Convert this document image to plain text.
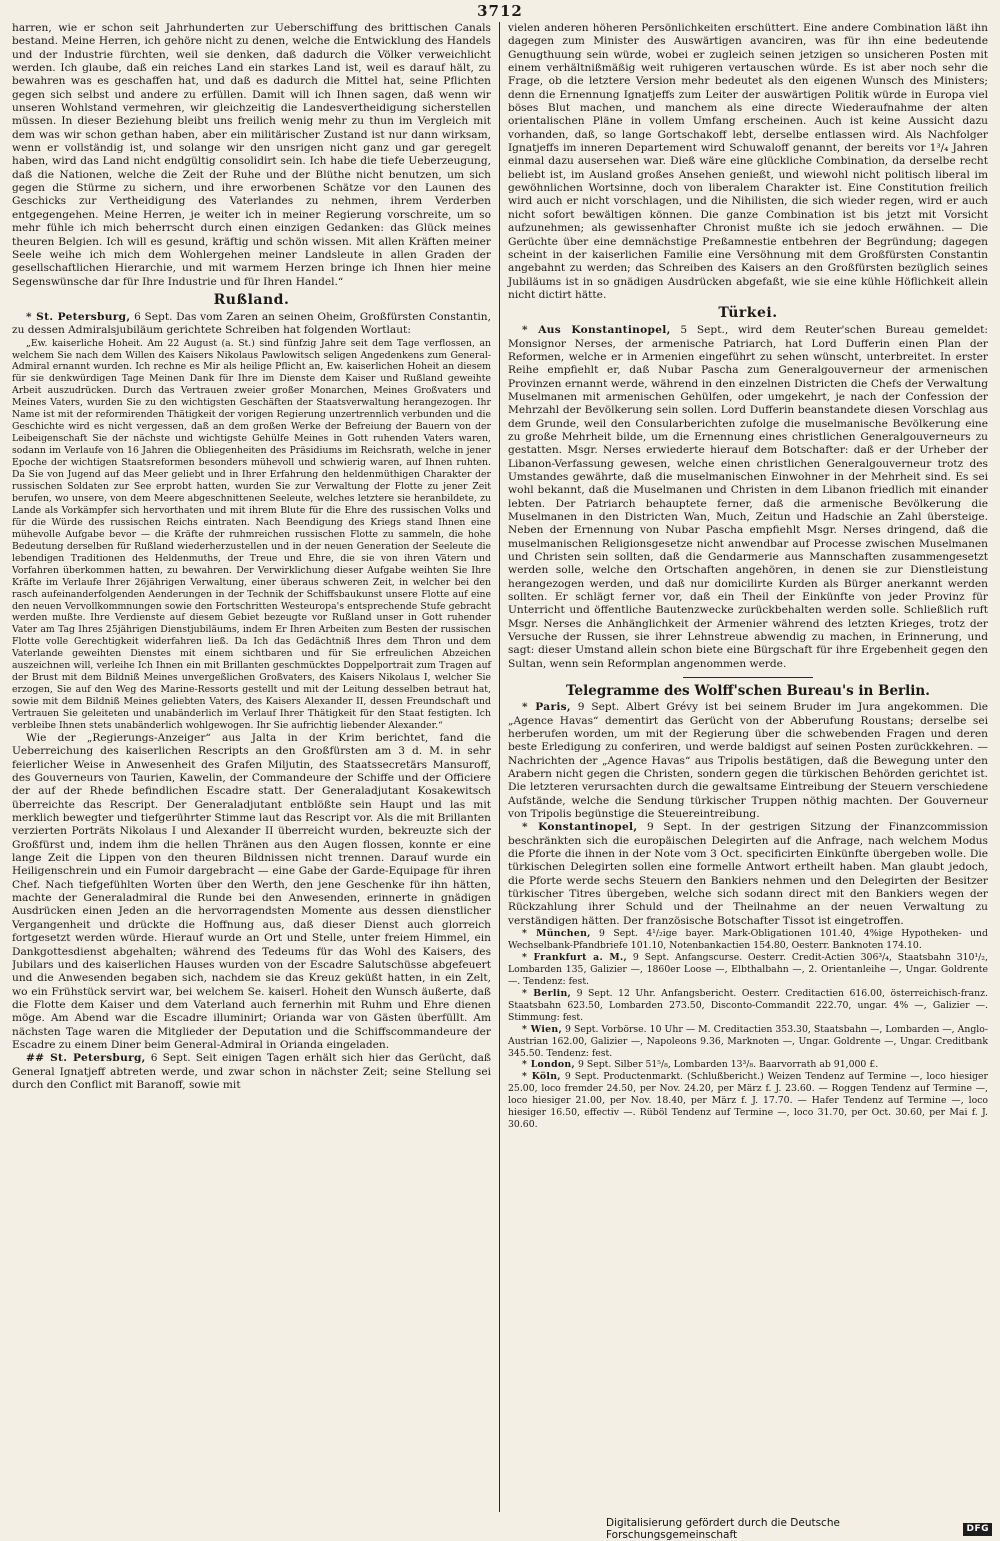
3712

harren, wie er schon seit Jahrhunderten zur Ueberschiffung des brittischen Canals bestand. Meine Herren, ich gehöre nicht zu denen, welche die Entwicklung des Handels und der Industrie fürchten, weil sie denken, daß dadurch die Völker verweichlicht werden. Ich glaube, daß ein reiches Land ein starkes Land ist, weil es darauf hält, zu bewahren was es geschaffen hat, und daß es dadurch die Mittel hat, seine Pflichten gegen sich selbst und andere zu erfüllen. Damit will ich Ihnen sagen, daß wenn wir unseren Wohlstand vermehren, wir gleichzeitig die Landesvertheidigung sicherstellen müssen. In dieser Beziehung bleibt uns freilich wenig mehr zu thun im Vergleich mit dem was wir schon gethan haben, aber ein militärischer Zustand ist nur dann wirksam, wenn er vollständig ist, und solange wir den unsrigen nicht ganz und gar geregelt haben, wird das Land nicht endgültig consolidirt sein. Ich habe die tiefe Ueberzeugung, daß die Nationen, welche die Zeit der Ruhe und der Blüthe nicht benutzen, um sich gegen die Stürme zu sichern, und ihre erworbenen Schätze vor den Launen des Geschicks zur Vertheidigung des Vaterlandes zu nehmen, ihrem Verderben entgegengehen. Meine Herren, je weiter ich in meiner Regierung vorschreite, um so mehr fühle ich mich beherrscht durch einen einzigen Gedanken: das Glück meines theuren Belgien. Ich will es gesund, kräftig und schön wissen. Mit allen Kräften meiner Seele weihe ich mich dem Wohlergehen meiner Landsleute in allen Graden der gesellschaftlichen Hierarchie, und mit warmem Herzen bringe ich Ihnen hier meine Segenswünsche dar für Ihre Industrie und für Ihren Handel.“

Rußland.

* St. Petersburg, 6 Sept. Das vom Zaren an seinen Oheim, Großfürsten Constantin, zu dessen Admiralsjubiläum gerichtete Schreiben hat folgenden Wortlaut:

„Ew. kaiserliche Hoheit. Am 22 August (a. St.) sind fünfzig Jahre seit dem Tage verflossen, an welchem Sie nach dem Willen des Kaisers Nikolaus Pawlowitsch seligen Angedenkens zum General-Admiral ernannt wurden. Ich rechne es Mir als heilige Pflicht an, Ew. kaiserlichen Hoheit an diesem für sie denkwürdigen Tage Meinen Dank für Ihre im Dienste dem Kaiser und Rußland geweihte Arbeit auszudrücken. Durch das Vertrauen zweier großer Monarchen, Meines Großvaters und Meines Vaters, wurden Sie zu den wichtigsten Geschäften der Staatsverwaltung herangezogen. Ihr Name ist mit der reformirenden Thätigkeit der vorigen Regierung unzertrennlich verbunden und die Geschichte wird es nicht vergessen, daß an dem großen Werke der Befreiung der Bauern von der Leibeigenschaft Sie der nächste und wichtigste Gehülfe Meines in Gott ruhenden Vaters waren, sodann im Verlaufe von 16 Jahren die Obliegenheiten des Präsidiums im Reichsrath, welche in jener Epoche der wichtigen Staatsreformen besonders mühevoll und schwierig waren, auf Ihnen ruhten. Da Sie von Jugend auf das Meer geliebt und in Ihrer Erfahrung den heldenmüthigen Charakter der russischen Soldaten zur See erprobt hatten, wurden Sie zur Verwaltung der Flotte zu jener Zeit berufen, wo unsere, von dem Meere abgeschnittenen Seeleute, welches letztere sie heranbildete, zu Lande als Vorkämpfer sich hervorthaten und mit ihrem Blute für die Ehre des russischen Volks und für die Würde des russischen Reichs eintraten. Nach Beendigung des Kriegs stand Ihnen eine mühevolle Aufgabe bevor — die Kräfte der ruhmreichen russischen Flotte zu sammeln, die hohe Bedeutung derselben für Rußland wiederherzustellen und in der neuen Generation der Seeleute die lebendigen Traditionen des Heldenmuths, der Treue und Ehre, die sie von ihren Vätern und Vorfahren überkommen hatten, zu bewahren. Der Verwirklichung dieser Aufgabe weihten Sie Ihre Kräfte im Verlaufe Ihrer 26jährigen Verwaltung, einer überaus schweren Zeit, in welcher bei den rasch aufeinanderfolgenden Aenderungen in der Technik der Schiffsbaukunst unsere Flotte auf eine den neuen Vervollkommnungen sowie den Fortschritten Westeuropa's entsprechende Stufe gebracht werden mußte. Ihre Verdienste auf diesem Gebiet bezeugte vor Rußland unser in Gott ruhender Vater am Tag Ihres 25jährigen Dienstjubiläums, indem Er Ihren Arbeiten zum Besten der russischen Flotte volle Gerechtigkeit widerfahren ließ. Da Ich das Gedächtniß Ihres dem Thron und dem Vaterlande geweihten Dienstes mit einem sichtbaren und für Sie erfreulichen Abzeichen auszeichnen will, verleihe Ich Ihnen ein mit Brillanten geschmücktes Doppelportrait zum Tragen auf der Brust mit dem Bildniß Meines unvergeßlichen Großvaters, des Kaisers Nikolaus I, welcher Sie erzogen, Sie auf den Weg des Marine-Ressorts gestellt und mit der Leitung desselben betraut hat, sowie mit dem Bildniß Meines geliebten Vaters, des Kaisers Alexander II, dessen Freundschaft und Vertrauen Sie geleiteten und unabänderlich im Verlauf Ihrer Thätigkeit für den Staat festigten. Ich verbleibe Ihnen stets unabänderlich wohlgewogen. Ihr Sie aufrichtig liebender Alexander.“

Wie der „Regierungs-Anzeiger“ aus Jalta in der Krim berichtet, fand die Ueberreichung des kaiserlichen Rescripts an den Großfürsten am 3 d. M. in sehr feierlicher Weise in Anwesenheit des Grafen Miljutin, des Staatssecretärs Mansuroff, des Gouverneurs von Taurien, Kawelin, der Commandeure der Schiffe und der Officiere der auf der Rhede befindlichen Escadre statt. Der Generaladjutant Kosakewitsch überreichte das Rescript. Der Generaladjutant entblößte sein Haupt und las mit merklich bewegter und tiefgerührter Stimme laut das Rescript vor. Als die mit Brillanten verzierten Porträts Nikolaus I und Alexander II überreicht wurden, bekreuzte sich der Großfürst und, indem ihm die hellen Thränen aus den Augen flossen, konnte er eine lange Zeit die Lippen von den theuren Bildnissen nicht trennen. Darauf wurde ein Heiligenschrein und ein Fumoir dargebracht — eine Gabe der Garde-Equipage für ihren Chef. Nach tiefgefühlten Worten über den Werth, den jene Geschenke für ihn hätten, machte der Generaladmiral die Runde bei den Anwesenden, erinnerte in gnädigen Ausdrücken einen Jeden an die hervorragendsten Momente aus dessen dienstlicher Vergangenheit und drückte die Hoffnung aus, daß dieser Dienst auch glorreich fortgesetzt werden würde. Hierauf wurde an Ort und Stelle, unter freiem Himmel, ein Dankgottesdienst abgehalten; während des Tedeums für das Wohl des Kaisers, des Jubilars und des kaiserlichen Hauses wurden von der Escadre Salutschüsse abgefeuert und die Anwesenden begaben sich, nachdem sie das Kreuz geküßt hatten, in ein Zelt, wo ein Frühstück servirt war, bei welchem Se. kaiserl. Hoheit den Wunsch äußerte, daß die Flotte dem Kaiser und dem Vaterland auch fernerhin mit Ruhm und Ehre dienen möge. Am Abend war die Escadre illuminirt; Orianda war von Gästen überfüllt. Am nächsten Tage waren die Mitglieder der Deputation und die Schiffscommandeure der Escadre zu einem Diner beim General-Admiral in Orianda eingeladen.

## St. Petersburg, 6 Sept. Seit einigen Tagen erhält sich hier das Gerücht, daß General Ignatjeff abtreten werde, und zwar schon in nächster Zeit; seine Stellung sei durch den Conflict mit Baranoff, sowie mit

vielen anderen höheren Persönlichkeiten erschüttert. Eine andere Combination läßt ihn dagegen zum Minister des Auswärtigen avanciren, was für ihn eine bedeutende Genugthuung sein würde, wobei er zugleich seinen jetzigen so unsicheren Posten mit einem verhältnißmäßig weit ruhigeren vertauschen würde. Es ist aber noch sehr die Frage, ob die letztere Version mehr bedeutet als den eigenen Wunsch des Ministers; denn die Ernennung Ignatjeffs zum Leiter der auswärtigen Politik würde in Europa viel böses Blut machen, und manchem als eine directe Wiederaufnahme der alten orientalischen Pläne in vollem Umfang erscheinen. Auch ist keine Aussicht dazu vorhanden, daß, so lange Gortschakoff lebt, derselbe entlassen wird. Als Nachfolger Ignatjeffs im inneren Departement wird Schuwaloff genannt, der bereits vor 1³/₄ Jahren einmal dazu ausersehen war. Dieß wäre eine glückliche Combination, da derselbe recht beliebt ist, im Ausland großes Ansehen genießt, und wiewohl nicht politisch liberal im gewöhnlichen Wortsinne, doch von liberalem Charakter ist. Eine Constitution freilich wird auch er nicht vorschlagen, und die Nihilisten, die sich wieder regen, wird er auch nicht sofort bewältigen können. Die ganze Combination ist bis jetzt mit Vorsicht aufzunehmen; als gewissenhafter Chronist mußte ich sie jedoch erwähnen. — Die Gerüchte über eine demnächstige Preßamnestie entbehren der Begründung; dagegen scheint in der kaiserlichen Familie eine Versöhnung mit dem Großfürsten Constantin angebahnt zu werden; das Schreiben des Kaisers an den Großfürsten bezüglich seines Jubiläums ist in so gnädigen Ausdrücken abgefaßt, wie sie eine kühle Höflichkeit allein nicht dictirt hätte.

Türkei.

* Aus Konstantinopel, 5 Sept., wird dem Reuter'schen Bureau gemeldet: Monsignor Nerses, der armenische Patriarch, hat Lord Dufferin einen Plan der Reformen, welche er in Armenien eingeführt zu sehen wünscht, unterbreitet. In erster Reihe empfiehlt er, daß Nubar Pascha zum Generalgouverneur der armenischen Provinzen ernannt werde, während in den einzelnen Districten die Chefs der Verwaltung Muselmanen mit armenischen Gehülfen, oder umgekehrt, je nach der Confession der Mehrzahl der Bevölkerung sein sollen. Lord Dufferin beanstandete diesen Vorschlag aus dem Grunde, weil den Consularberichten zufolge die muselmanische Bevölkerung eine zu große Mehrheit bilde, um die Ernennung eines christlichen Generalgouverneurs zu gestatten. Msgr. Nerses erwiederte hierauf dem Botschafter: daß er der Urheber der Libanon-Verfassung gewesen, welche einen christlichen Generalgouverneur trotz des Umstandes gewährte, daß die muselmanischen Einwohner in der Mehrheit sind. Es sei wohl bekannt, daß die Muselmanen und Christen in dem Libanon friedlich mit einander lebten. Der Patriarch behauptete ferner, daß die armenische Bevölkerung die Muselmanen in den Districten Wan, Much, Zeitun und Hadschie an Zahl übersteige. Neben der Ernennung von Nubar Pascha empfiehlt Msgr. Nerses dringend, daß die muselmanischen Religionsgesetze nicht anwendbar auf Processe zwischen Muselmanen und Christen sein sollten, daß die Gendarmerie aus Mannschaften zusammengesetzt werden solle, welche den Ortschaften angehören, in denen sie zur Dienstleistung herangezogen werden, und daß nur domicilirte Kurden als Bürger anerkannt werden sollten. Er schlägt ferner vor, daß ein Theil der Einkünfte von jeder Provinz für Unterricht und öffentliche Bautenzwecke zurückbehalten werden solle. Schließlich ruft Msgr. Nerses die Anhänglichkeit der Armenier während des letzten Krieges, trotz der Versuche der Russen, sie ihrer Lehnstreue abwendig zu machen, in Erinnerung, und sagt: dieser Umstand allein schon biete eine Bürgschaft für ihre Ergebenheit gegen den Sultan, wenn sein Reformplan angenommen werde.

Telegramme des Wolff'schen Bureau's in Berlin.

* Paris, 9 Sept. Albert Grévy ist bei seinem Bruder im Jura angekommen. Die „Agence Havas“ dementirt das Gerücht von der Abberufung Roustans; derselbe sei herberufen worden, um mit der Regierung über die schwebenden Fragen und deren beste Erledigung zu conferiren, und werde baldigst auf seinen Posten zurückkehren. — Nachrichten der „Agence Havas“ aus Tripolis bestätigen, daß die Bewegung unter den Arabern nicht gegen die Christen, sondern gegen die türkischen Behörden gerichtet ist. Die letzteren verursachten durch die gewaltsame Eintreibung der Steuern verschiedene Aufstände, welche die Sendung türkischer Truppen nöthig machten. Der Gouverneur von Tripolis begünstige die Steuereintreibung.

* Konstantinopel, 9 Sept. In der gestrigen Sitzung der Finanzcommission beschränkten sich die europäischen Delegirten auf die Anfrage, nach welchem Modus die Pforte die ihnen in der Note vom 3 Oct. specificirten Einkünfte übergeben wolle. Die türkischen Delegirten sollen eine formelle Antwort ertheilt haben. Man glaubt jedoch, die Pforte werde sechs Steuern den Bankiers nehmen und den Delegirten der Besitzer türkischer Titres übergeben, welche sich sodann direct mit den Bankiers wegen der Rückzahlung ihrer Schuld und der Theilnahme an der neuen Verwaltung zu verständigen hätten. Der französische Botschafter Tissot ist eingetroffen.

* München, 9 Sept. 4¹/₂ige bayer. Mark-Obligationen 101.40, 4%ige Hypotheken- und Wechselbank-Pfandbriefe 101.10, Notenbankactien 154.80, Oesterr. Banknoten 174.10.

* Frankfurt a. M., 9 Sept. Anfangscurse. Oesterr. Credit-Actien 306³/₄, Staatsbahn 310¹/₂, Lombarden 135, Galizier —, 1860er Loose —, Elbthalbahn —, 2. Orientanleihe —, Ungar. Goldrente —. Tendenz: fest.

* Berlin, 9 Sept. 12 Uhr. Anfangsbericht. Oesterr. Creditactien 616.00, österreichisch-franz. Staatsbahn 623.50, Lombarden 273.50, Disconto-Commandit 222.70, ungar. 4% —, Galizier —. Stimmung: fest.

* Wien, 9 Sept. Vorbörse. 10 Uhr — M. Creditactien 353.30, Staatsbahn —, Lombarden —, Anglo-Austrian 162.00, Galizier —, Napoleons 9.36, Marknoten —, Ungar. Goldrente —, Ungar. Creditbank 345.50. Tendenz: fest.

* London, 9 Sept. Silber 51⁵/₈, Lombarden 13³/₈. Baarvorrath ab 91,000 £.

* Köln, 9 Sept. Productenmarkt. (Schlußbericht.) Weizen Tendenz auf Termine —, loco hiesiger 25.00, loco fremder 24.50, per Nov. 24.20, per März f. J. 23.60. — Roggen Tendenz auf Termine —, loco hiesiger 21.00, per Nov. 18.40, per März f. J. 17.70. — Hafer Tendenz auf Termine —, loco hiesiger 16.50, effectiv —. Rüböl Tendenz auf Termine —, loco 31.70, per Oct. 30.60, per Mai f. J. 30.60.

Digitalisierung gefördert durch die Deutsche Forschungsgemeinschaft
DFG
